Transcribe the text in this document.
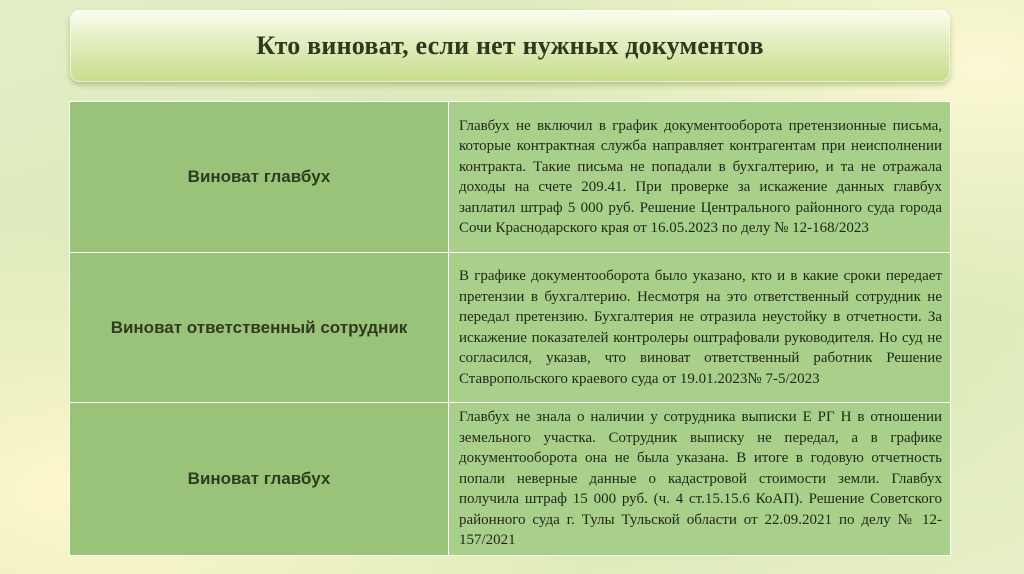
Кто виноват, если нет нужных документов
Виноват главбух	Главбух не включил в график документооборота претензионные письма, которые контрактная служба направляет контрагентам при неисполнении контракта. Такие письма не попадали в бухгалтерию, и та не отражала доходы на счете 209.41. При проверке за искажение данных главбух заплатил штраф 5 000 руб. Решение Центрального районного суда города Сочи Краснодарского края от 16.05.2023 по делу № 12-168/2023
Виноват ответственный сотрудник	В графике документооборота было указано, кто и в какие сроки передает претензии в бухгалтерию. Несмотря на это ответственный сотрудник не передал претензию. Бухгалтерия не отразила неустойку в отчетности. За искажение показателей контролеры оштрафовали руководителя. Но суд не согласился, указав, что виноват ответственный работник Решение Ставропольского краевого суда от 19.01.2023№ 7-5/2023
Виноват главбух	Главбух не знала о наличии у сотрудника выписки Е РГ Н в отношении земельного участка. Сотрудник выписку не передал, а в графике документооборота она не была указана. В итоге в годовую отчетность попали неверные данные о кадастровой стоимости земли. Главбух получила штраф 15 000 руб. (ч. 4 ст.15.15.6 КоАП). Решение Советского районного суда г. Тулы Тульской области от 22.09.2021 по делу № 12-157/2021
